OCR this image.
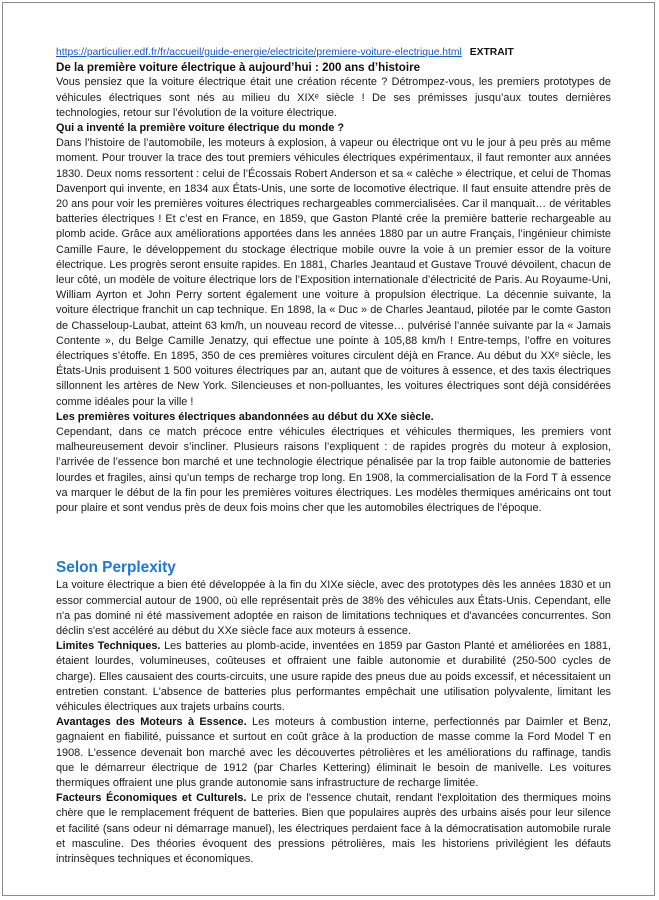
https://particulier.edf.fr/fr/accueil/guide-energie/electricite/premiere-voiture-electrique.html EXTRAIT

De la première voiture électrique à aujourd’hui : 200 ans d’histoire

Vous pensiez que la voiture électrique était une création récente ? Détrompez-vous, les premiers prototypes de véhicules électriques sont nés au milieu du XIXᵉ siècle ! De ses prémisses jusqu’aux toutes dernières technologies, retour sur l’évolution de la voiture électrique.

Qui a inventé la première voiture électrique du monde ?

Dans l’histoire de l’automobile, les moteurs à explosion, à vapeur ou électrique ont vu le jour à peu près au même moment. Pour trouver la trace des tout premiers véhicules électriques expérimentaux, il faut remonter aux années 1830. Deux noms ressortent : celui de l’Écossais Robert Anderson et sa « calèche » électrique, et celui de Thomas Davenport qui invente, en 1834 aux États-Unis, une sorte de locomotive électrique. Il faut ensuite attendre près de 20 ans pour voir les premières voitures électriques rechargeables commercialisées. Car il manquait… de véritables batteries électriques ! Et c’est en France, en 1859, que Gaston Planté crée la première batterie rechargeable au plomb acide. Grâce aux améliorations apportées dans les années 1880 par un autre Français, l’ingénieur chimiste Camille Faure, le développement du stockage électrique mobile ouvre la voie à un premier essor de la voiture électrique. Les progrès seront ensuite rapides. En 1881, Charles Jeantaud et Gustave Trouvé dévoilent, chacun de leur côté, un modèle de voiture électrique lors de l’Exposition internationale d’électricité de Paris. Au Royaume-Uni, William Ayrton et John Perry sortent également une voiture à propulsion électrique. La décennie suivante, la voiture électrique franchit un cap technique. En 1898, la « Duc » de Charles Jeantaud, pilotée par le comte Gaston de Chasseloup-Laubat, atteint 63 km/h, un nouveau record de vitesse… pulvérisé l’année suivante par la « Jamais Contente », du Belge Camille Jenatzy, qui effectue une pointe à 105,88 km/h ! Entre-temps, l’offre en voitures électriques s’étoffe. En 1895, 350 de ces premières voitures circulent déjà en France. Au début du XXᵉ siècle, les États-Unis produisent 1 500 voitures électriques par an, autant que de voitures à essence, et des taxis électriques sillonnent les artères de New York. Silencieuses et non-polluantes, les voitures électriques sont déjà considérées comme idéales pour la ville !

Les premières voitures électriques abandonnées au début du XXe siècle.

Cependant, dans ce match précoce entre véhicules électriques et véhicules thermiques, les premiers vont malheureusement devoir s’incliner. Plusieurs raisons l’expliquent : de rapides progrès du moteur à explosion, l’arrivée de l’essence bon marché et une technologie électrique pénalisée par la trop faible autonomie de batteries lourdes et fragiles, ainsi qu’un temps de recharge trop long. En 1908, la commercialisation de la Ford T à essence va marquer le début de la fin pour les premières voitures électriques. Les modèles thermiques américains ont tout pour plaire et sont vendus près de deux fois moins cher que les automobiles électriques de l’époque.

Selon Perplexity

La voiture électrique a bien été développée à la fin du XIXe siècle, avec des prototypes dès les années 1830 et un essor commercial autour de 1900, où elle représentait près de 38% des véhicules aux États-Unis. Cependant, elle n'a pas dominé ni été massivement adoptée en raison de limitations techniques et d'avancées concurrentes. Son déclin s'est accéléré au début du XXe siècle face aux moteurs à essence.

Limites Techniques. Les batteries au plomb-acide, inventées en 1859 par Gaston Planté et améliorées en 1881, étaient lourdes, volumineuses, coûteuses et offraient une faible autonomie et durabilité (250-500 cycles de charge). Elles causaient des courts-circuits, une usure rapide des pneus due au poids excessif, et nécessitaient un entretien constant. L'absence de batteries plus performantes empêchait une utilisation polyvalente, limitant les véhicules électriques aux trajets urbains courts.

Avantages des Moteurs à Essence. Les moteurs à combustion interne, perfectionnés par Daimler et Benz, gagnaient en fiabilité, puissance et surtout en coût grâce à la production de masse comme la Ford Model T en 1908. L'essence devenait bon marché avec les découvertes pétrolières et les améliorations du raffinage, tandis que le démarreur électrique de 1912 (par Charles Kettering) éliminait le besoin de manivelle. Les voitures thermiques offraient une plus grande autonomie sans infrastructure de recharge limitée.

Facteurs Économiques et Culturels. Le prix de l'essence chutait, rendant l'exploitation des thermiques moins chère que le remplacement fréquent de batteries. Bien que populaires auprès des urbains aisés pour leur silence et facilité (sans odeur ni démarrage manuel), les électriques perdaient face à la démocratisation automobile rurale et masculine. Des théories évoquent des pressions pétrolières, mais les historiens privilégient les défauts intrinsèques techniques et économiques.
